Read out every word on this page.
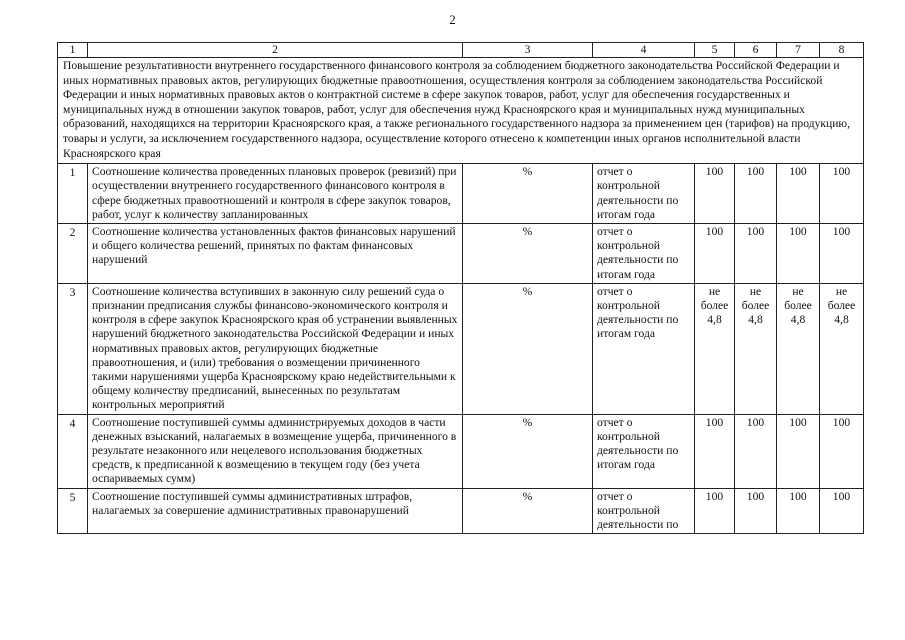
2
1	2	3	4	5	6	7	8
Повышение результативности внутреннего государственного финансового контроля за соблюдением бюджетного законодательства Российской Федерации и иных нормативных правовых актов, регулирующих бюджетные правоотношения, осуществления контроля за соблюдением законодательства Российской Федерации и иных нормативных правовых актов о контрактной системе в сфере закупок товаров, работ, услуг для обеспечения государственных и муниципальных нужд в отношении закупок товаров, работ, услуг для обеспечения нужд Красноярского края и муниципальных нужд муниципальных образований, находящихся на территории Красноярского края, а также регионального государственного надзора за применением цен (тарифов) на продукцию, товары и услуги, за исключением государственного надзора, осуществление которого отнесено к компетенции иных органов исполнительной власти Красноярского края							
1	Соотношение количества проведенных плановых проверок (ревизий) при осуществлении внутреннего государственного финансового контроля в сфере бюджетных правоотношений и контроля в сфере закупок товаров, работ, услуг к количеству запланированных	%	отчет о контрольной деятельности по итогам года	100	100	100	100
2	Соотношение количества установленных фактов финансовых нарушений и общего количества решений, принятых по фактам финансовых нарушений	%	отчет о контрольной деятельности по итогам года	100	100	100	100
3	Соотношение количества вступивших в законную силу решений суда о признании предписания службы финансово-экономического контроля и контроля в сфере закупок Красноярского края об устранении выявленных нарушений бюджетного законодательства Российской Федерации и иных нормативных правовых актов, регулирующих бюджетные правоотношения, и (или) требования о возмещении причиненного такими нарушениями ущерба Красноярскому краю недействительными к общему количеству предписаний, вынесенных по результатам контрольных мероприятий	%	отчет о контрольной деятельности по итогам года	не более 4,8	не более 4,8	не более 4,8	не более 4,8
4	Соотношение поступившей суммы администрируемых доходов в части денежных взысканий, налагаемых в возмещение ущерба, причиненного в результате незаконного или нецелевого использования бюджетных средств, к предписанной к возмещению в текущем году (без учета оспариваемых сумм)	%	отчет о контрольной деятельности по итогам года	100	100	100	100
5	Соотношение поступившей суммы административных штрафов, налагаемых за совершение административных правонарушений	%	отчет о контрольной деятельности по	100	100	100	100
